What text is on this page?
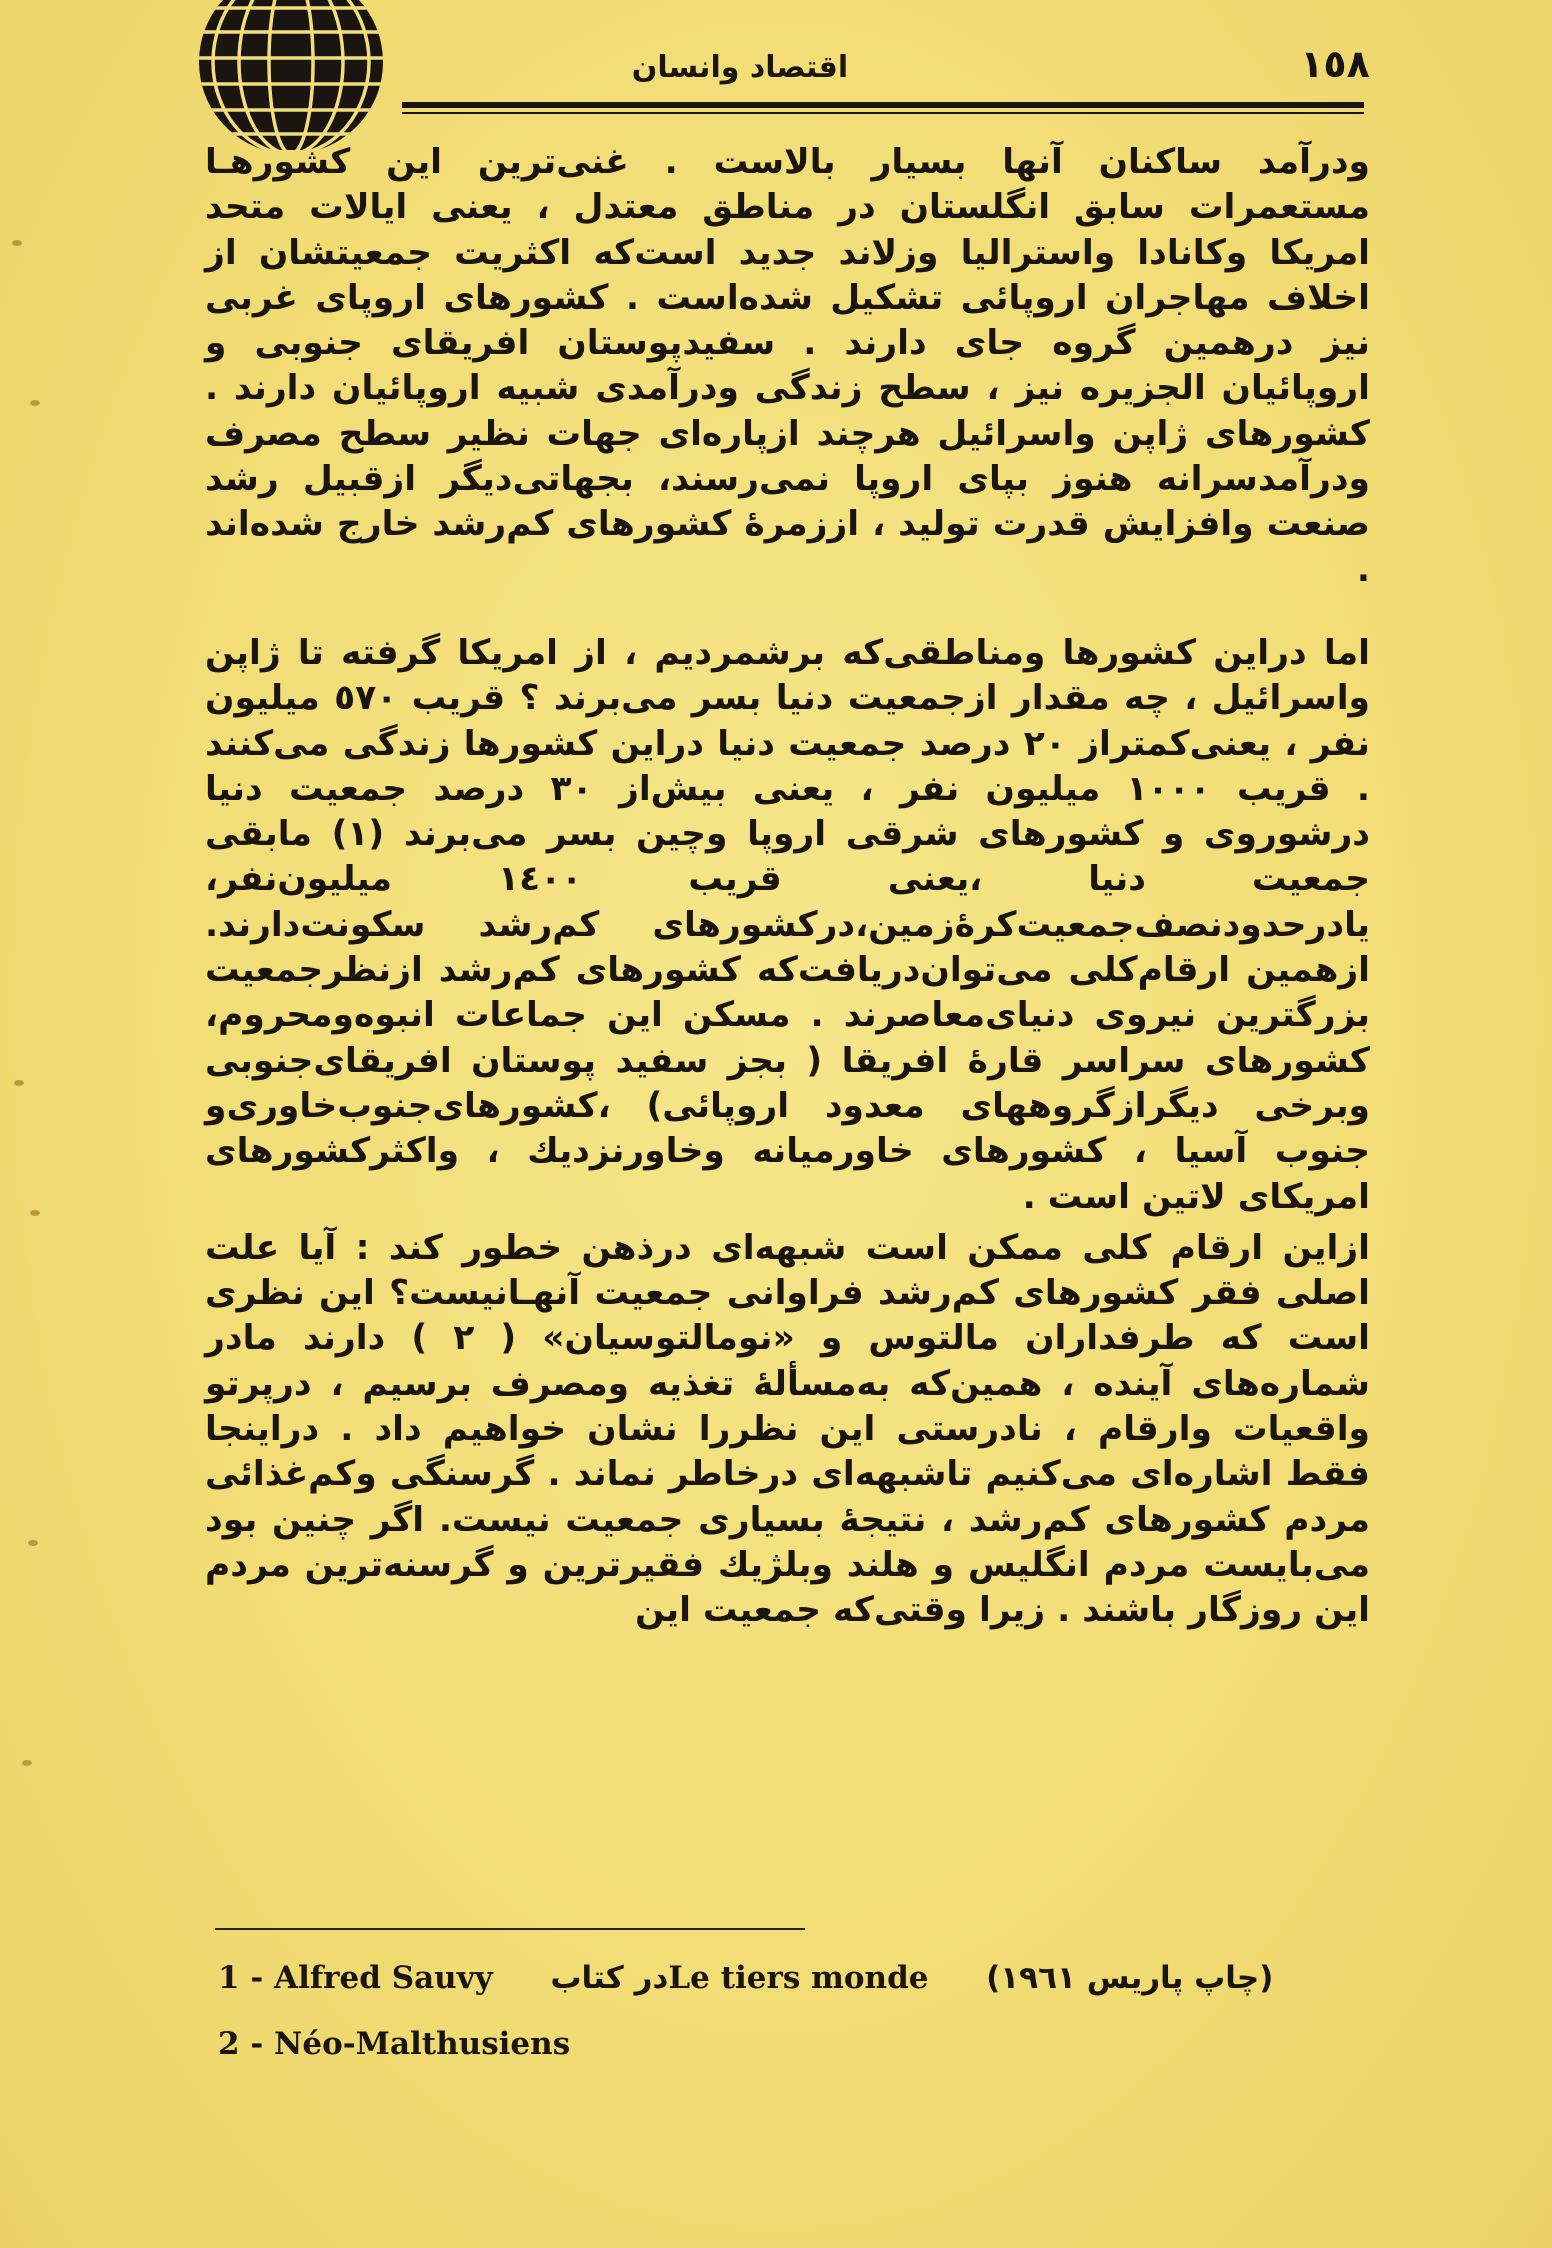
اقتصاد وانسان	١٥٨

ودرآمد ساکنان آنها بسیار بالاست . غنی‌ترین این کشورهـا مستعمرات سابق انگلستان در مناطق معتدل ، یعنی ایالات متحد امریکا وکانادا واسترالیا وزلاند جدید است‌که اکثریت جمعیتشان از اخلاف مهاجران اروپائی تشکیل شده‌است . کشورهای اروپای غربی نیز درهمین گروه جای دارند . سفیدپوستان افریقای جنوبی و اروپائیان الجزیره نیز ، سطح زندگی ودرآمدی شبیه اروپائیان دارند . کشورهای ژاپن واسرائیل هرچند ازپاره‌ای جهات نظیر سطح مصرف ودرآمدسرانه هنوز بپای اروپا نمی‌رسند، بجهاتی‌دیگر ازقبیل رشد صنعت وافزایش قدرت تولید ، اززمرهٔ کشورهای کم‌رشد خارج شده‌اند .

اما دراین کشورها ومناطقی‌که برشمردیم ، از امریکا گرفته تا ژاپن واسرائیل ، چه مقدار ازجمعیت دنیا بسر می‌برند ؟ قریب ٥٧٠ میلیون نفر ، یعنی‌کمتراز ٢٠ درصد جمعیت دنیا دراین کشورها زندگی می‌کنند . قریب ١٠٠٠ میلیون نفر ، یعنی بیش‌از ٣٠ درصد جمعیت دنیا درشوروی و کشورهای شرقی اروپا وچین بسر می‌برند (١) مابقی جمعیت دنیا ،یعنی قریب ١٤٠٠ میلیون‌نفر، یادرحدودنصف‌جمعیت‌کرهٔ‌زمین،درکشورهای کم‌رشد سکونت‌دارند. ازهمین ارقام‌کلی می‌توان‌دریافت‌که کشورهای کم‌رشد ازنظرجمعیت بزرگترین نیروی دنیای‌معاصرند . مسکن این جماعات انبوه‌ومحروم، کشورهای سراسر قارهٔ افریقا ( بجز سفید پوستان افریقای‌جنوبی وبرخی دیگرازگروههای معدود اروپائی) ،کشورهای‌جنوب‌خاوری‌و جنوب آسیا ، کشورهای خاورمیانه وخاورنزدیك ، واکثرکشورهای امریکای لاتین است .

ازاین ارقام کلی ممکن است شبهه‌ای درذهن خطور کند : آیا علت اصلی فقر کشورهای کم‌رشد فراوانی جمعیت آنهـانیست؟ این نظری است که طرفداران مالتوس و «نومالتوسیان» ( ٢ ) دارند مادر شماره‌های آینده ، همین‌که به‌مسألهٔ تغذیه ومصرف برسیم ، درپرتو واقعیات وارقام ، نادرستی این نظررا نشان خواهیم داد . دراینجا فقط اشاره‌ای می‌کنیم تاشبهه‌ای درخاطر نماند . گرسنگی وکم‌غذائی مردم کشورهای کم‌رشد ، نتیجهٔ بسیاری جمعیت نیست. اگر چنین بود می‌بایست مردم انگلیس و هلند وبلژیك فقیرترین و گرسنه‌ترین مردم این روزگار باشند . زیرا وقتی‌که جمعیت این

1 - Alfred Sauvy در کتابLe tiers monde (چاپ پاریس ١٩٦١)
2 - Néo-Malthusiens
